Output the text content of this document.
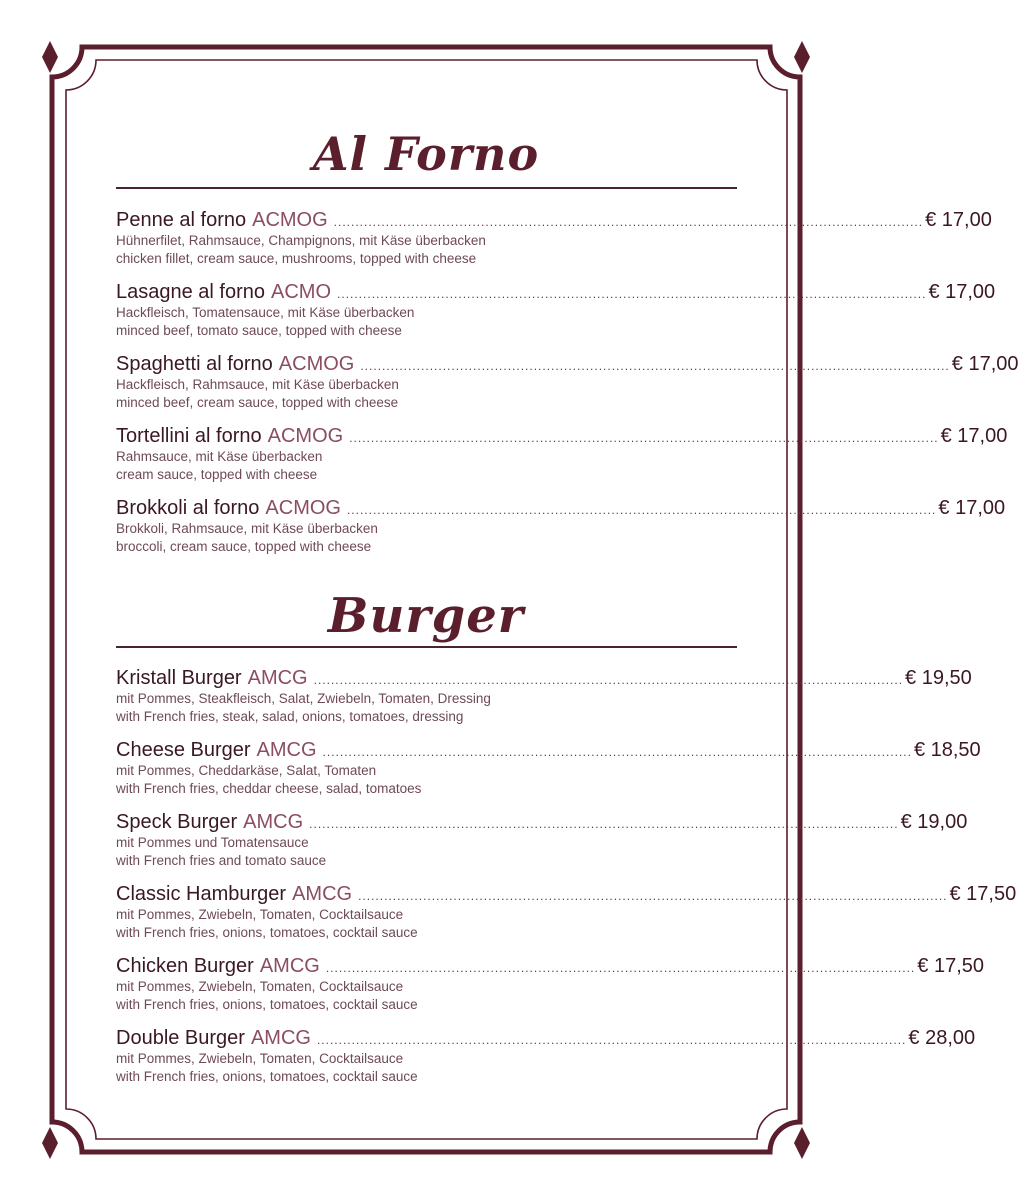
Al Forno
Penne al forno ACMOG ........................................................................................................................................ € 17,00
Hühnerfilet, Rahmsauce, Champignons, mit Käse überbacken
chicken fillet, cream sauce, mushrooms, topped with cheese
Lasagne al forno ACMO ........................................................................................................................................ € 17,00
Hackfleisch, Tomatensauce, mit Käse überbacken
minced beef, tomato sauce, topped with cheese
Spaghetti al forno ACMOG ........................................................................................................................................ € 17,00
Hackfleisch, Rahmsauce, mit Käse überbacken
minced beef, cream sauce, topped with cheese
Tortellini al forno ACMOG ........................................................................................................................................ € 17,00
Rahmsauce, mit Käse überbacken
cream sauce, topped with cheese
Brokkoli al forno ACMOG ........................................................................................................................................ € 17,00
Brokkoli, Rahmsauce, mit Käse überbacken
broccoli, cream sauce, topped with cheese
Burger
Kristall Burger AMCG ........................................................................................................................................ € 19,50
mit Pommes, Steakfleisch, Salat, Zwiebeln, Tomaten, Dressing
with French fries, steak, salad, onions, tomatoes, dressing
Cheese Burger AMCG ........................................................................................................................................ € 18,50
mit Pommes, Cheddarkäse, Salat, Tomaten
with French fries, cheddar cheese, salad, tomatoes
Speck Burger AMCG ........................................................................................................................................ € 19,00
mit Pommes und Tomatensauce
with French fries and tomato sauce
Classic Hamburger AMCG ........................................................................................................................................ € 17,50
mit Pommes, Zwiebeln, Tomaten, Cocktailsauce
with French fries, onions, tomatoes, cocktail sauce
Chicken Burger AMCG ........................................................................................................................................ € 17,50
mit Pommes, Zwiebeln, Tomaten, Cocktailsauce
with French fries, onions, tomatoes, cocktail sauce
Double Burger AMCG ........................................................................................................................................ € 28,00
mit Pommes, Zwiebeln, Tomaten, Cocktailsauce
with French fries, onions, tomatoes, cocktail sauce
